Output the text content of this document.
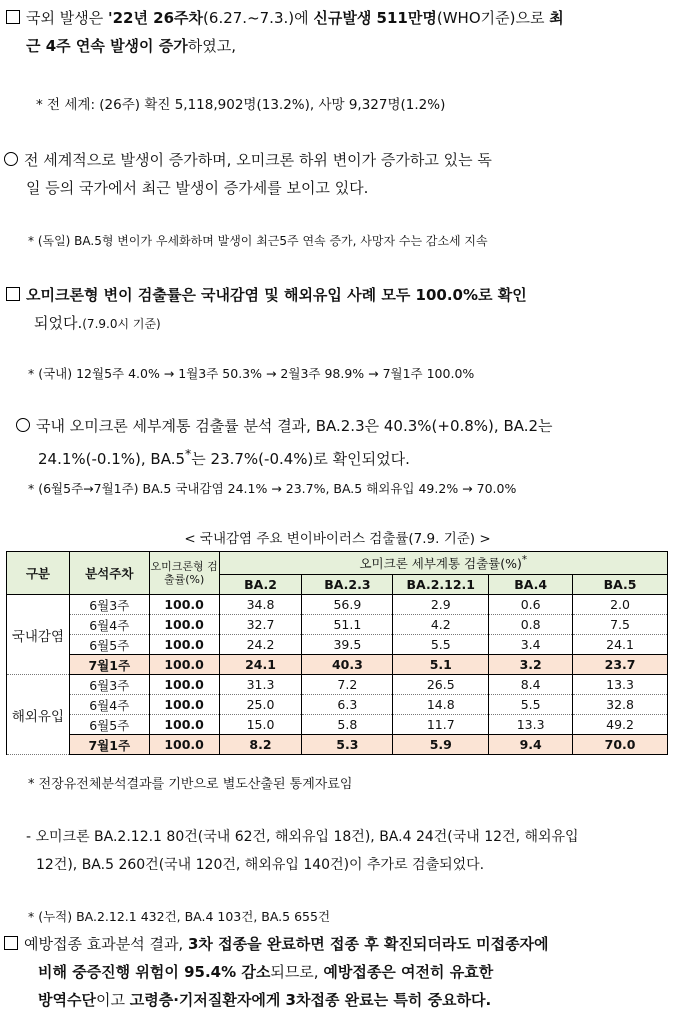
국외 발생은 '22년 26주차(6.27.~7.3.)에 신규발생 511만명(WHO기준)으로 최

근 4주 연속 발생이 증가하였고,

* 전 세계: (26주) 확진 5,118,902명(13.2%), 사망 9,327명(1.2%)

전 세계적으로 발생이 증가하며, 오미크론 하위 변이가 증가하고 있는 독

일 등의 국가에서 최근 발생이 증가세를 보이고 있다.

* (독일) BA.5형 변이가 우세화하며 발생이 최근5주 연속 증가, 사망자 수는 감소세 지속

오미크론형 변이 검출률은 국내감염 및 해외유입 사례 모두 100.0%로 확인

되었다.(7.9.0시 기준)

* (국내) 12월5주 4.0% → 1월3주 50.3% → 2월3주 98.9% → 7월1주 100.0%

국내 오미크론 세부계통 검출률 분석 결과, BA.2.3은 40.3%(+0.8%), BA.2는

24.1%(-0.1%), BA.5*는 23.7%(-0.4%)로 확인되었다.

* (6월5주→7월1주) BA.5 국내감염 24.1% → 23.7%, BA.5 해외유입 49.2% → 70.0%
< 국내감염 주요 변이바이러스 검출률(7.9. 기준) >
구분	분석주차	오미크론형 검출률(%)	오미크론 세부계통 검출률(%)*
			BA.2	BA.2.3	BA.2.12.1	BA.4	BA.5
국내감염	6월3주	100.0	34.8	56.9	2.9	0.6	2.0
	6월4주	100.0	32.7	51.1	4.2	0.8	7.5
	6월5주	100.0	24.2	39.5	5.5	3.4	24.1
	7월1주	100.0	24.1	40.3	5.1	3.2	23.7
해외유입	6월3주	100.0	31.3	7.2	26.5	8.4	13.3
	6월4주	100.0	25.0	6.3	14.8	5.5	32.8
	6월5주	100.0	15.0	5.8	11.7	13.3	49.2
	7월1주	100.0	8.2	5.3	5.9	9.4	70.0
* 전장유전체분석결과를 기반으로 별도산출된 통계자료임

- 오미크론 BA.2.12.1 80건(국내 62건, 해외유입 18건), BA.4 24건(국내 12건, 해외유입

12건), BA.5 260건(국내 120건, 해외유입 140건)이 추가로 검출되었다.

* (누적) BA.2.12.1 432건, BA.4 103건, BA.5 655건

예방접종 효과분석 결과, 3차 접종을 완료하면 접종 후 확진되더라도 미접종자에

비해 중증진행 위험이 95.4% 감소되므로, 예방접종은 여전히 유효한

방역수단이고 고령층·기저질환자에게 3차접종 완료는 특히 중요하다.
